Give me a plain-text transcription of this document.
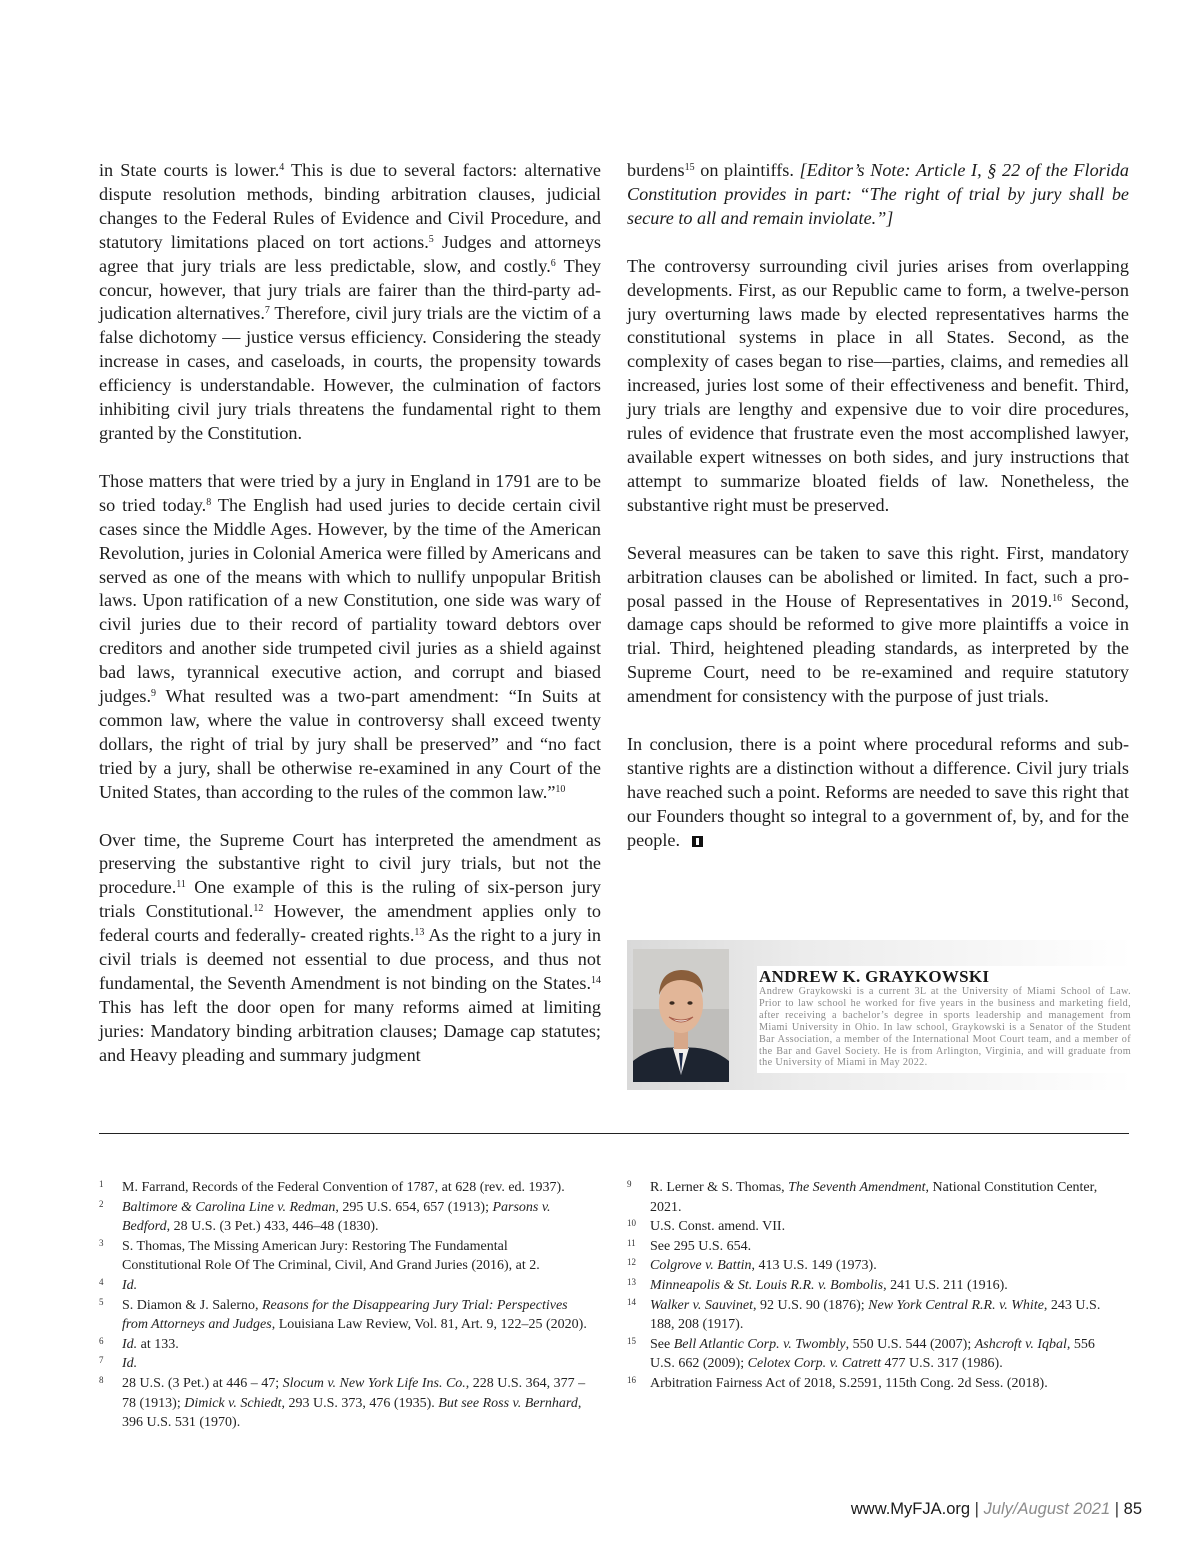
in State courts is lower.$^4$ This is due to several factors: alternative dispute resolution methods, binding arbitration clauses, judicial changes to the Federal Rules of Evidence and Civil Procedure, and statutory limitations placed on tort actions.$^5$ Judges and attorneys agree that jury trials are less predictable, slow, and costly.$^6$ They concur, however, that jury trials are fairer than the third-party adjudication alternatives.$^7$ Therefore, civil jury trials are the victim of a false dichotomy — justice versus efficiency. Considering the steady increase in cases, and caseloads, in courts, the propensity towards efficiency is understandable. However, the culmination of factors inhibiting civil jury trials threatens the fundamental right to them granted by the Constitution.

Those matters that were tried by a jury in England in 1791 are to be so tried today.$^8$ The English had used juries to decide certain civil cases since the Middle Ages. However, by the time of the American Revolution, juries in Colonial America were filled by Americans and served as one of the means with which to nullify unpopular British laws. Upon ratification of a new Constitution, one side was wary of civil juries due to their record of partiality toward debtors over creditors and another side trumpeted civil juries as a shield against bad laws, tyrannical executive action, and corrupt and biased judges.$^9$ What resulted was a two-part amendment: “In Suits at common law, where the value in controversy shall exceed twenty dollars, the right of trial by jury shall be preserved” and “no fact tried by a jury, shall be otherwise re-examined in any Court of the United States, than according to the rules of the common law.”$^{10}$

Over time, the Supreme Court has interpreted the amendment as preserving the substantive right to civil jury trials, but not the procedure.$^{11}$ One example of this is the ruling of six-person jury trials Constitutional.$^{12}$ However, the amendment applies only to federal courts and federally- created rights.$^{13}$ As the right to a jury in civil trials is deemed not essential to due process, and thus not fundamental, the Seventh Amendment is not binding on the States.$^{14}$ This has left the door open for many reforms aimed at limiting juries: Mandatory binding arbitration clauses; Damage cap statutes; and Heavy pleading and summary judgment

burdens$^{15}$ on plaintiffs. [Editor’s Note: Article I, § 22 of the Florida Constitution provides in part: “The right of trial by jury shall be secure to all and remain inviolate.”]

The controversy surrounding civil juries arises from overlapping developments. First, as our Republic came to form, a twelve-person jury overturning laws made by elected representatives harms the constitutional systems in place in all States. Second, as the complexity of cases began to rise—parties, claims, and remedies all increased, juries lost some of their effectiveness and benefit. Third, jury trials are lengthy and expensive due to voir dire procedures, rules of evidence that frustrate even the most accomplished lawyer, available expert witnesses on both sides, and jury instructions that attempt to summarize bloated fields of law. Nonetheless, the substantive right must be preserved.

Several measures can be taken to save this right. First, mandatory arbitration clauses can be abolished or limited. In fact, such a proposal passed in the House of Representatives in 2019.16 Second, damage caps should be reformed to give more plaintiffs a voice in trial. Third, heightened pleading standards, as interpreted by the Supreme Court, need to be re-examined and require statutory amendment for consistency with the purpose of just trials.

In conclusion, there is a point where procedural reforms and substantive rights are a distinction without a difference. Civil jury trials have reached such a point. Reforms are needed to save this right that our Founders thought so integral to a government of, by, and for the people.

ANDREW K. GRAYKOWSKI
Andrew Graykowski is a current 3L at the University of Miami School of Law. Prior to law school he worked for five years in the business and marketing field, after receiving a bachelor’s degree in sports leadership and management from Miami University in Ohio. In law school, Graykowski is a Senator of the Student Bar Association, a member of the International Moot Court team, and a member of the Bar and Gavel Society. He is from Arlington, Virginia, and will graduate from the University of Miami in May 2022.
1 M. Farrand, Records of the Federal Convention of 1787, at 628 (rev. ed. 1937).
2 Baltimore & Carolina Line v. Redman, 295 U.S. 654, 657 (1913); Parsons v. Bedford, 28 U.S. (3 Pet.) 433, 446–48 (1830).
3 S. Thomas, The Missing American Jury: Restoring The Fundamental Constitutional Role Of The Criminal, Civil, And Grand Juries (2016), at 2.
4 Id.
5 S. Diamon & J. Salerno, Reasons for the Disappearing Jury Trial: Perspectives from Attorneys and Judges, Louisiana Law Review, Vol. 81, Art. 9, 122–25 (2020).
6 Id. at 133.
7 Id.
8 28 U.S. (3 Pet.) at 446 – 47; Slocum v. New York Life Ins. Co., 228 U.S. 364, 377 – 78 (1913); Dimick v. Schiedt, 293 U.S. 373, 476 (1935). But see Ross v. Bernhard, 396 U.S. 531 (1970).
9 R. Lerner & S. Thomas, The Seventh Amendment, National Constitution Center, 2021.
10 U.S. Const. amend. VII.
11 See 295 U.S. 654.
12 Colgrove v. Battin, 413 U.S. 149 (1973).
13 Minneapolis & St. Louis R.R. v. Bombolis, 241 U.S. 211 (1916).
14 Walker v. Sauvinet, 92 U.S. 90 (1876); New York Central R.R. v. White, 243 U.S. 188, 208 (1917).
15 See Bell Atlantic Corp. v. Twombly, 550 U.S. 544 (2007); Ashcroft v. Iqbal, 556 U.S. 662 (2009); Celotex Corp. v. Catrett 477 U.S. 317 (1986).
16 Arbitration Fairness Act of 2018, S.2591, 115th Cong. 2d Sess. (2018).
www.MyFJA.org | July/August 2021 | 85
